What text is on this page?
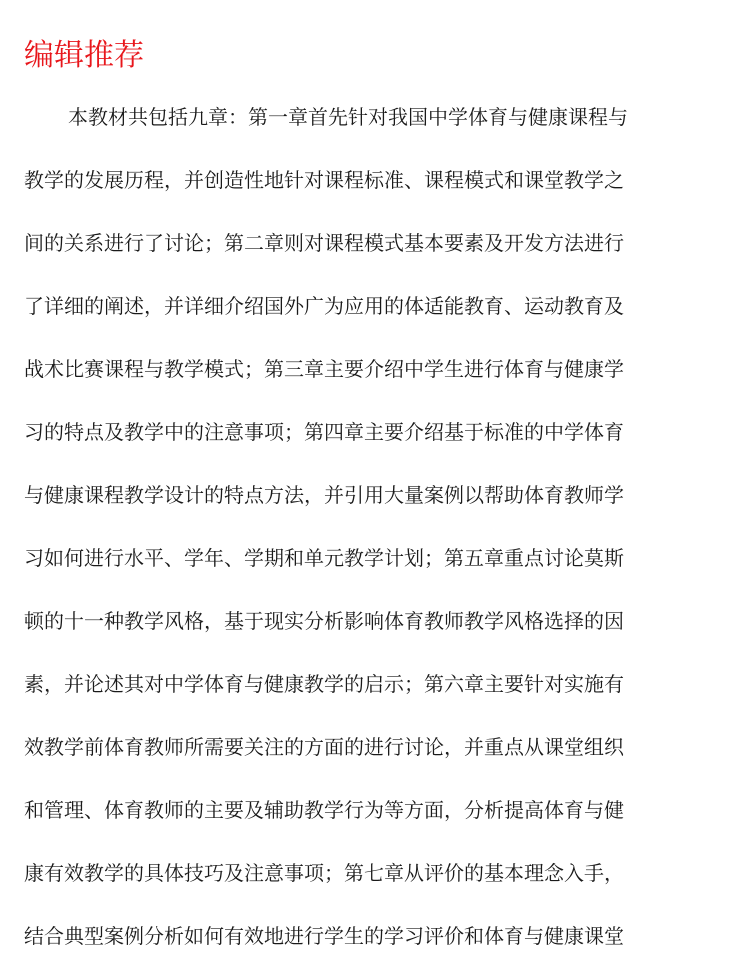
编辑推荐
本教材共包括九章：第一章首先针对我国中学体育与健康课程与
教学的发展历程，并创造性地针对课程标准、课程模式和课堂教学之
间的关系进行了讨论；第二章则对课程模式基本要素及开发方法进行
了详细的阐述，并详细介绍国外广为应用的体适能教育、运动教育及
战术比赛课程与教学模式；第三章主要介绍中学生进行体育与健康学
习的特点及教学中的注意事项；第四章主要介绍基于标准的中学体育
与健康课程教学设计的特点方法，并引用大量案例以帮助体育教师学
习如何进行水平、学年、学期和单元教学计划；第五章重点讨论莫斯
顿的十一种教学风格，基于现实分析影响体育教师教学风格选择的因
素，并论述其对中学体育与健康教学的启示；第六章主要针对实施有
效教学前体育教师所需要关注的方面的进行讨论，并重点从课堂组织
和管理、体育教师的主要及辅助教学行为等方面，分析提高体育与健
康有效教学的具体技巧及注意事项；第七章从评价的基本理念入手，
结合典型案例分析如何有效地进行学生的学习评价和体育与健康课堂
